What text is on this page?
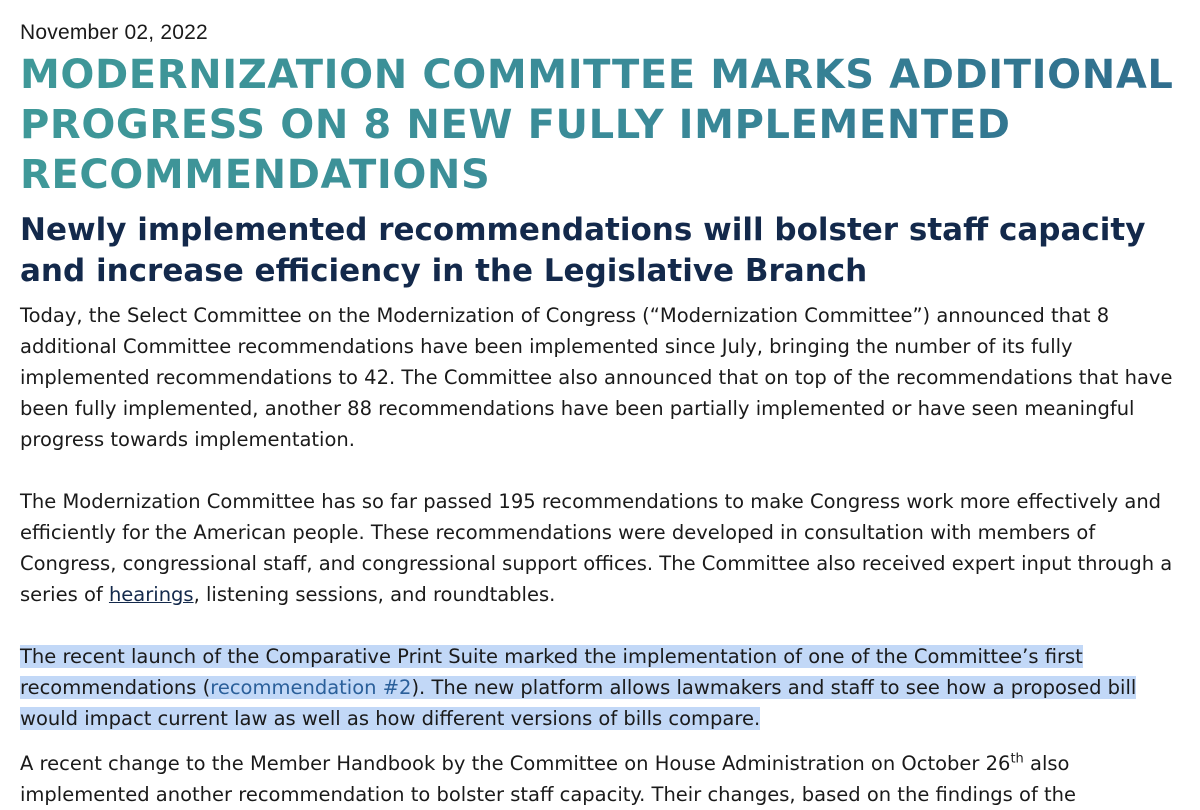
November 02, 2022
MODERNIZATION COMMITTEE MARKS ADDITIONAL PROGRESS ON 8 NEW FULLY IMPLEMENTED RECOMMENDATIONS
Newly implemented recommendations will bolster staff capacity and increase efficiency in the Legislative Branch

Today, the Select Committee on the Modernization of Congress (“Modernization Committee”) announced that 8 additional Committee recommendations have been implemented since July, bringing the number of its fully implemented recommendations to 42. The Committee also announced that on top of the recommendations that have been fully implemented, another 88 recommendations have been partially implemented or have seen meaningful progress towards implementation.

The Modernization Committee has so far passed 195 recommendations to make Congress work more effectively and efficiently for the American people. These recommendations were developed in consultation with members of Congress, congressional staff, and congressional support offices. The Committee also received expert input through a series of hearings, listening sessions, and roundtables.

The recent launch of the Comparative Print Suite marked the implementation of one of the Committee’s first recommendations (recommendation #2). The new platform allows lawmakers and staff to see how a proposed bill would impact current law as well as how different versions of bills compare.

A recent change to the Member Handbook by the Committee on House Administration on October 26th also implemented another recommendation to bolster staff capacity. Their changes, based on the findings of the
